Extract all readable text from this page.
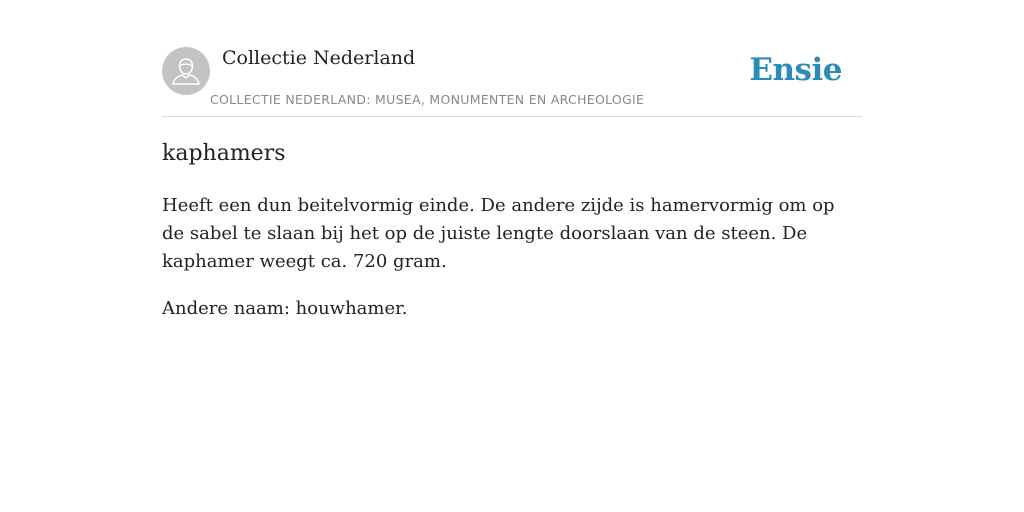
Collectie Nederland
COLLECTIE NEDERLAND: MUSEA, MONUMENTEN EN ARCHEOLOGIE
Ensie
kaphamers

Heeft een dun beitelvormig einde. De andere zijde is hamervormig om op de sabel te slaan bij het op de juiste lengte doorslaan van de steen. De kaphamer weegt ca. 720 gram.

Andere naam: houwhamer.
